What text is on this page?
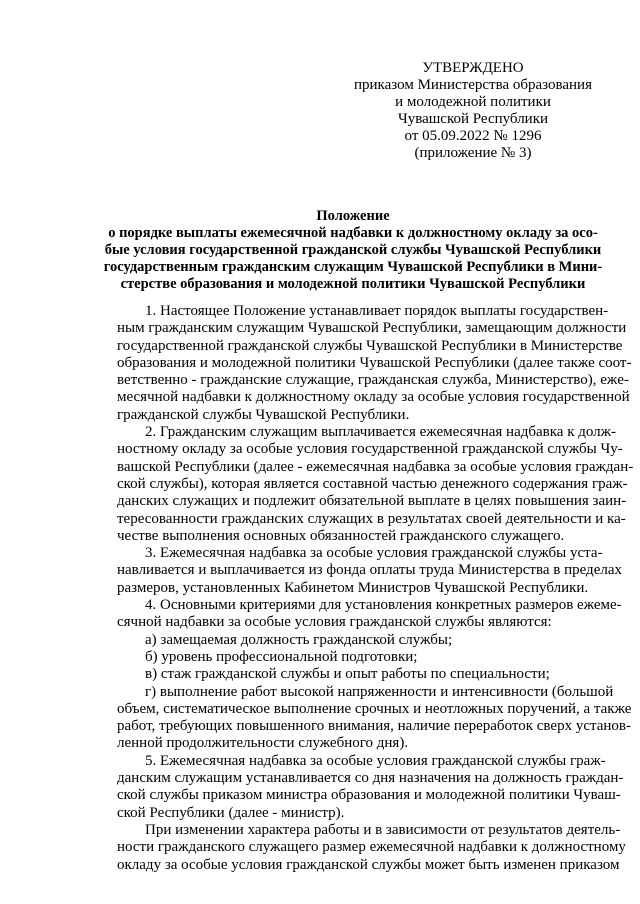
УТВЕРЖДЕНО
приказом Министерства образования
и молодежной политики
Чувашской Республики
от 05.09.2022 № 1296
(приложение № 3)
Положение
о порядке выплаты ежемесячной надбавки к должностному окладу за осо-
бые условия государственной гражданской службы Чувашской Республики
государственным гражданским служащим Чувашской Республики в Мини-
стерстве образования и молодежной политики Чувашской Республики
1. Настоящее Положение устанавливает порядок выплаты государствен-
ным гражданским служащим Чувашской Республики, замещающим должности
государственной гражданской службы Чувашской Республики в Министерстве
образования и молодежной политики Чувашской Республики (далее также соот-
ветственно - гражданские служащие, гражданская служба, Министерство), ежe-
месячной надбавки к должностному окладу за особые условия государственной
гражданской службы Чувашской Республики.
2. Гражданским служащим выплачивается ежемесячная надбавка к долж-
ностному окладу за особые условия государственной гражданской службы Чу-
вашской Республики (далее - ежемесячная надбавка за особые условия граждан-
ской службы), которая является составной частью денежного содержания граж-
данских служащих и подлежит обязательной выплате в целях повышения заин-
тересованности гражданских служащих в результатах своей деятельности и ка-
честве выполнения основных обязанностей гражданского служащего.
3. Ежемесячная надбавка за особые условия гражданской службы уста-
навливается и выплачивается из фонда оплаты труда Министерства в пределах
размеров, установленных Кабинетом Министров Чувашской Республики.
4. Основными критериями для установления конкретных размеров ежеме-
сячной надбавки за особые условия гражданской службы являются:
а) замещаемая должность гражданской службы;
б) уровень профессиональной подготовки;
в) стаж гражданской службы и опыт работы по специальности;
г) выполнение работ высокой напряженности и интенсивности (большой
объем, систематическое выполнение срочных и неотложных поручений, а также
работ, требующих повышенного внимания, наличие переработок сверх установ-
ленной продолжительности служебного дня).
5. Ежемесячная надбавка за особые условия гражданской службы граж-
данским служащим устанавливается со дня назначения на должность граждан-
ской службы приказом министра образования и молодежной политики Чуваш-
ской Республики (далее - министр).
При изменении характера работы и в зависимости от результатов деятель-
ности гражданского служащего размер ежемесячной надбавки к должностному
окладу за особые условия гражданской службы может быть изменен приказом
